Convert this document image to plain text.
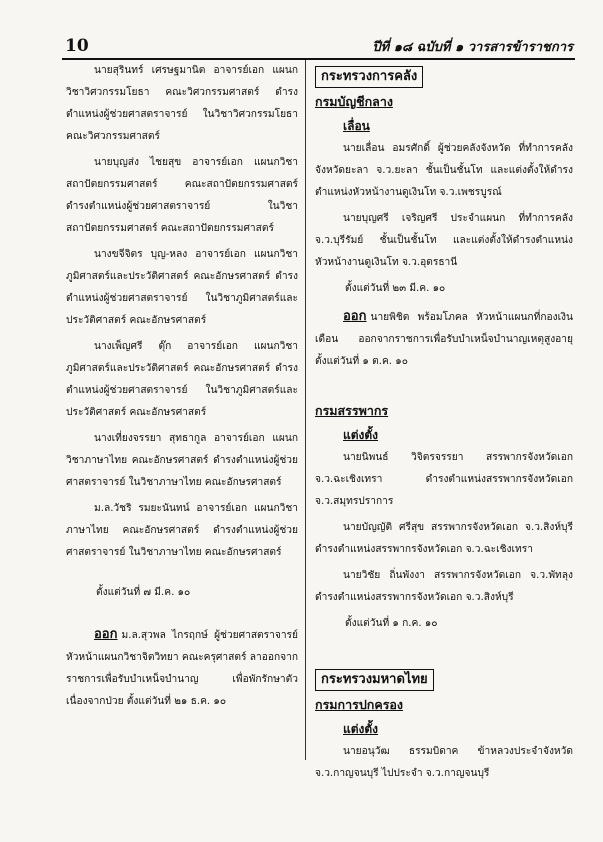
10	ปีที่ ๑๘ ฉบับที่ ๑ วารสารข้าราชการ

นายสุรินทร์ เศรษฐมานิต อาจารย์เอก แผนกวิชาวิศวกรรมโยธา คณะวิศวกรรมศาสตร์ ดำรงตำแหน่งผู้ช่วยศาสตราจารย์ ในวิชาวิศวกรรมโยธา คณะวิศวกรรมศาสตร์

นายบุญส่ง ไชยสุข อาจารย์เอก แผนกวิชาสถาปัตยกรรมศาสตร์ คณะสถาปัตยกรรมศาสตร์ ดำรงตำแหน่งผู้ช่วยศาสตราจารย์ ในวิชาสถาปัตยกรรมศาสตร์ คณะสถาปัตยกรรมศาสตร์

นางขจีจิตร บุญ-หลง อาจารย์เอก แผนกวิชาภูมิศาสตร์และประวัติศาสตร์ คณะอักษรศาสตร์ ดำรงตำแหน่งผู้ช่วยศาสตราจารย์ ในวิชาภูมิศาสตร์และประวัติศาสตร์ คณะอักษรศาสตร์

นางเพ็ญศรี ดุ๊ก อาจารย์เอก แผนกวิชาภูมิศาสตร์และประวัติศาสตร์ คณะอักษรศาสตร์ ดำรงตำแหน่งผู้ช่วยศาสตราจารย์ ในวิชาภูมิศาสตร์และประวัติศาสตร์ คณะอักษรศาสตร์

นางเที่ยงจรรยา สุทธากูล อาจารย์เอก แผนกวิชาภาษาไทย คณะอักษรศาสตร์ ดำรงตำแหน่งผู้ช่วยศาสตราจารย์ ในวิชาภาษาไทย คณะอักษรศาสตร์

ม.ล.วัชริ รมยะนันทน์ อาจารย์เอก แผนกวิชาภาษาไทย คณะอักษรศาสตร์ ดำรงตำแหน่งผู้ช่วยศาสตราจารย์ ในวิชาภาษาไทย คณะอักษรศาสตร์

ตั้งแต่วันที่ ๗ มี.ค. ๑๐

ออก ม.ล.สุวพล ไกรฤกษ์ ผู้ช่วยศาสตราจารย์ หัวหน้าแผนกวิชาจิตวิทยา คณะครุศาสตร์ ลาออกจากราชการเพื่อรับบำเหน็จบำนาญ เพื่อพักรักษาตัวเนื่องจากป่วย ตั้งแต่วันที่ ๒๑ ธ.ค. ๑๐

กระทรวงการคลัง

กรมบัญชีกลาง

เลื่อน

นายเลื่อน อมรศักดิ์ ผู้ช่วยคลังจังหวัด ที่ทำการคลังจังหวัดยะลา จ.ว.ยะลา ชั้นเป็นชั้นโท และแต่งตั้งให้ดำรงตำแหน่งหัวหน้างานดูเงินโท จ.ว.เพชรบูรณ์

นายบุญศรี เจริญศรี ประจำแผนก ที่ทำการคลัง จ.ว.บุรีรัมย์ ชั้นเป็นชั้นโท และแต่งตั้งให้ดำรงตำแหน่งหัวหน้างานดูเงินโท จ.ว.อุดรธานี

ตั้งแต่วันที่ ๒๓ มี.ค. ๑๐

ออก นายพิชิต พร้อมโภคล หัวหน้าแผนกที่กองเงินเดือน ออกจากราชการเพื่อรับบำเหน็จบำนาญเหตุสูงอายุ ตั้งแต่วันที่ ๑ ต.ค. ๑๐

กรมสรรพากร

แต่งตั้ง

นายนิพนธ์ วิจิตรจรรยา สรรพากรจังหวัดเอก จ.ว.ฉะเชิงเทรา ดำรงตำแหน่งสรรพากรจังหวัดเอก จ.ว.สมุทรปราการ

นายบัญญัติ ศรีสุข สรรพากรจังหวัดเอก จ.ว.สิงห์บุรี ดำรงตำแหน่งสรรพากรจังหวัดเอก จ.ว.ฉะเชิงเทรา

นายวิชัย ถิ่นพังงา สรรพากรจังหวัดเอก จ.ว.พัทลุง ดำรงตำแหน่งสรรพากรจังหวัดเอก จ.ว.สิงห์บุรี

ตั้งแต่วันที่ ๑ ก.ค. ๑๐

กระทรวงมหาดไทย

กรมการปกครอง

แต่งตั้ง

นายอนุวัฒ ธรรมบิดาค ข้าหลวงประจำจังหวัด จ.ว.กาญจนบุรี ไปประจำ จ.ว.กาญจนบุรี
